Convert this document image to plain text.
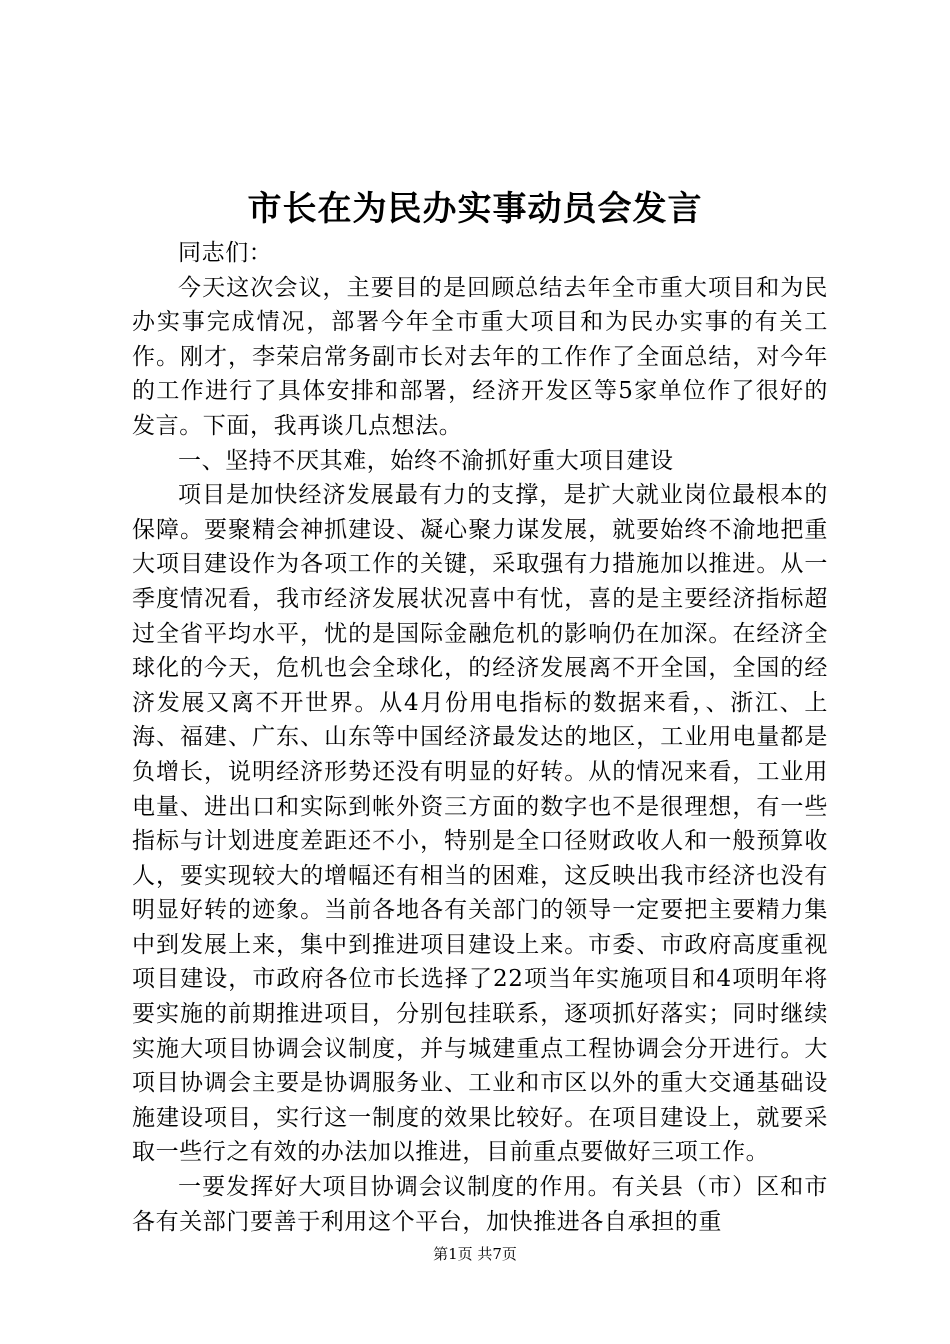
市长在为民办实事动员会发言

同志们：

今天这次会议，主要目的是回顾总结去年全市重大项目和为民办实事完成情况，部署今年全市重大项目和为民办实事的有关工作。刚才，李荣启常务副市长对去年的工作作了全面总结，对今年的工作进行了具体安排和部署，经济开发区等5家单位作了很好的发言。下面，我再谈几点想法。

一、坚持不厌其难，始终不渝抓好重大项目建设

项目是加快经济发展最有力的支撑，是扩大就业岗位最根本的保障。要聚精会神抓建设、凝心聚力谋发展，就要始终不渝地把重大项目建设作为各项工作的关键，采取强有力措施加以推进。从一季度情况看，我市经济发展状况喜中有忧，喜的是主要经济指标超过全省平均水平，忧的是国际金融危机的影响仍在加深。在经济全球化的今天，危机也会全球化，的经济发展离不开全国，全国的经济发展又离不开世界。从4月份用电指标的数据来看，、浙江、上海、福建、广东、山东等中国经济最发达的地区，工业用电量都是负增长，说明经济形势还没有明显的好转。从的情况来看，工业用电量、进出口和实际到帐外资三方面的数字也不是很理想，有一些指标与计划进度差距还不小，特别是全口径财政收人和一般预算收人，要实现较大的增幅还有相当的困难，这反映出我市经济也没有明显好转的迹象。当前各地各有关部门的领导一定要把主要精力集中到发展上来，集中到推进项目建设上来。市委、市政府高度重视项目建设，市政府各位市长选择了22项当年实施项目和4项明年将要实施的前期推进项目，分别包挂联系，逐项抓好落实；同时继续实施大项目协调会议制度，并与城建重点工程协调会分开进行。大项目协调会主要是协调服务业、工业和市区以外的重大交通基础设施建设项目，实行这一制度的效果比较好。在项目建设上，就要采取一些行之有效的办法加以推进，目前重点要做好三项工作。

一要发挥好大项目协调会议制度的作用。有关县（市）区和市各有关部门要善于利用这个平台，加快推进各自承担的重

第1页 共7页
